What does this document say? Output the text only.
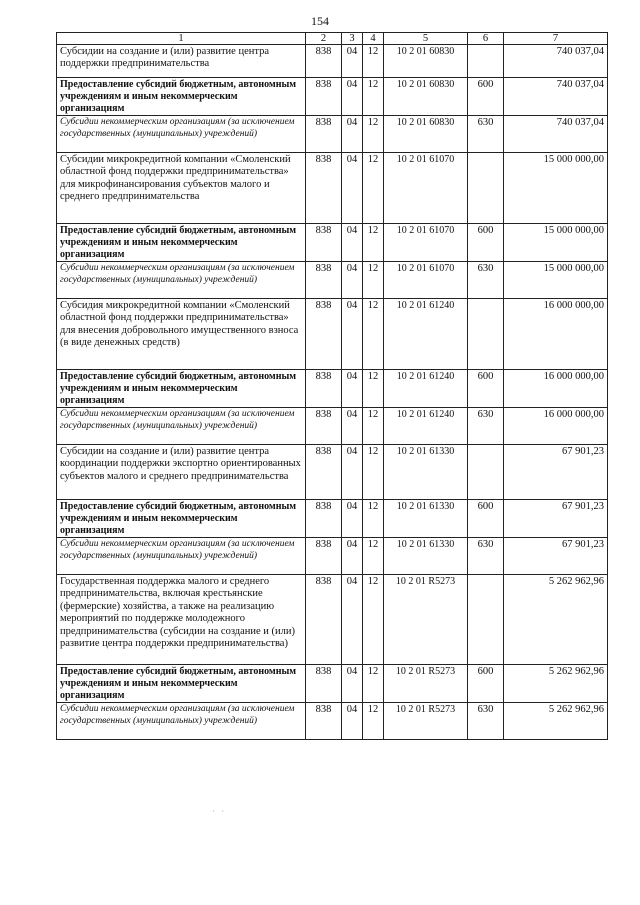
154
1	2	3	4	5	6	7
Субсидии на создание и (или) развитие центра поддержки предпринимательства	838	04	12	10 2 01 60830		740 037,04
Предоставление субсидий бюджетным, автономным учреждениям и иным некоммерческим организациям	838	04	12	10 2 01 60830	600	740 037,04
Субсидии некоммерческим организациям (за исключением государственных (муниципальных) учреждений)	838	04	12	10 2 01 60830	630	740 037,04
Субсидии микрокредитной компании «Смоленский областной фонд поддержки предпринимательства» для микрофинансирования субъектов малого и среднего предпринимательства	838	04	12	10 2 01 61070		15 000 000,00
Предоставление субсидий бюджетным, автономным учреждениям и иным некоммерческим организациям	838	04	12	10 2 01 61070	600	15 000 000,00
Субсидии некоммерческим организациям (за исключением государственных (муниципальных) учреждений)	838	04	12	10 2 01 61070	630	15 000 000,00
Субсидия микрокредитной компании «Смоленский областной фонд поддержки предпринимательства» для внесения добровольного имущественного взноса (в виде денежных средств)	838	04	12	10 2 01 61240		16 000 000,00
Предоставление субсидий бюджетным, автономным учреждениям и иным некоммерческим организациям	838	04	12	10 2 01 61240	600	16 000 000,00
Субсидии некоммерческим организациям (за исключением государственных (муниципальных) учреждений)	838	04	12	10 2 01 61240	630	16 000 000,00
Субсидии на создание и (или) развитие центра координации поддержки экспортно ориентированных субъектов малого и среднего предпринимательства	838	04	12	10 2 01 61330		67 901,23
Предоставление субсидий бюджетным, автономным учреждениям и иным некоммерческим организациям	838	04	12	10 2 01 61330	600	67 901,23
Субсидии некоммерческим организациям (за исключением государственных (муниципальных) учреждений)	838	04	12	10 2 01 61330	630	67 901,23
Государственная поддержка малого и среднего предпринимательства, включая крестьянские (фермерские) хозяйства, а также на реализацию мероприятий по поддержке молодежного предпринимательства (субсидии на создание и (или) развитие центра поддержки предпринимательства)	838	04	12	10 2 01 R5273		5 262 962,96
Предоставление субсидий бюджетным, автономным учреждениям и иным некоммерческим организациям	838	04	12	10 2 01 R5273	600	5 262 962,96
Субсидии некоммерческим организациям (за исключением государственных (муниципальных) учреждений)	838	04	12	10 2 01 R5273	630	5 262 962,96
· ·
